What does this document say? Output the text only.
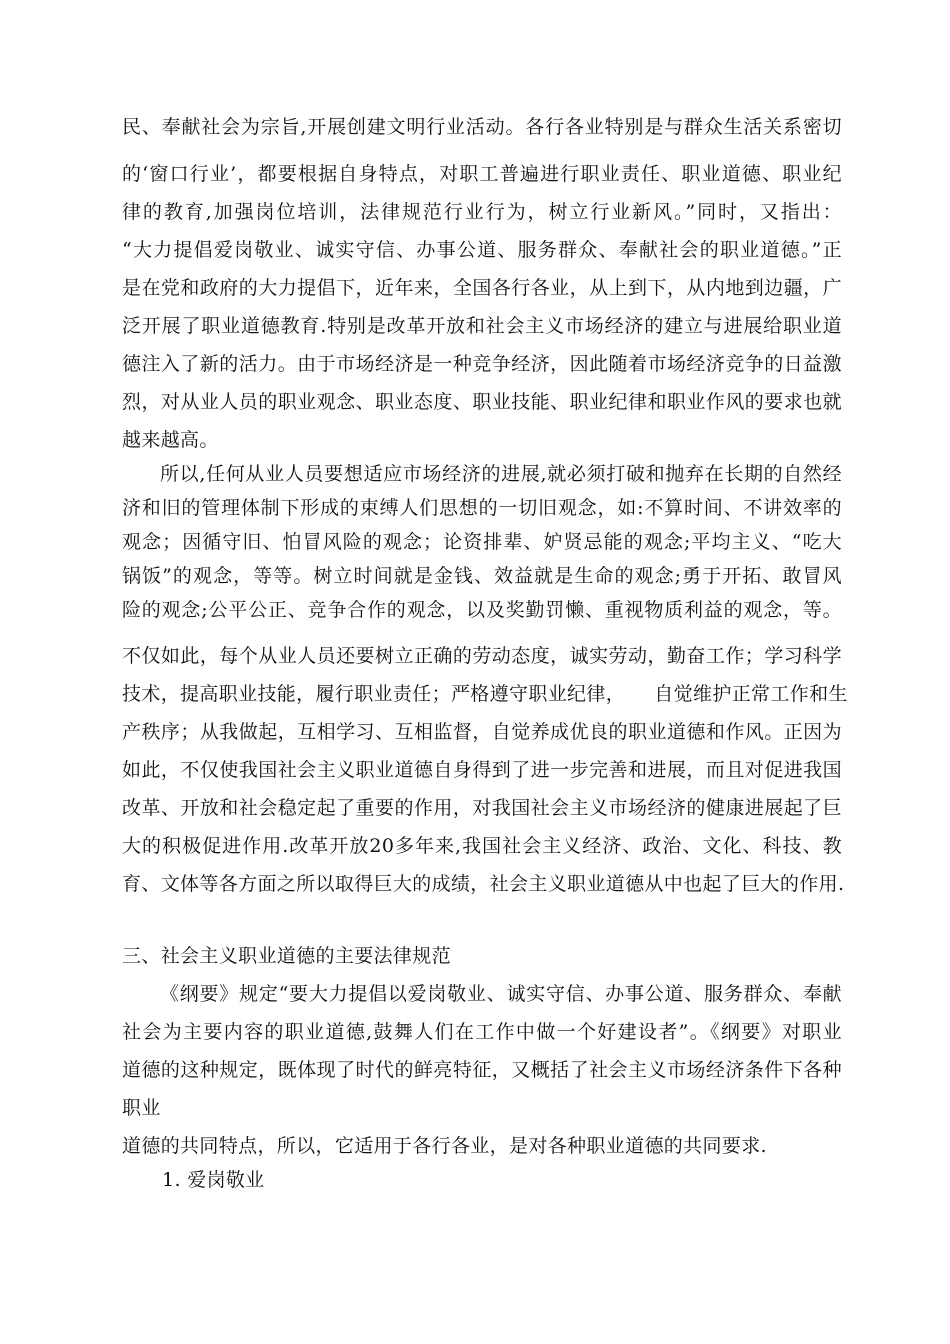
民、奉献社会为宗旨,开展创建文明行业活动。各行各业特别是与群众生活关系密切
的‘窗口行业’，都要根据自身特点，对职工普遍进行职业责任、职业道德、职业纪
律的教育,加强岗位培训，法律规范行业行为，树立行业新风。”同时，又指出：
“大力提倡爱岗敬业、诚实守信、办事公道、服务群众、奉献社会的职业道德。”正
是在党和政府的大力提倡下，近年来，全国各行各业，从上到下，从内地到边疆，广
泛开展了职业道德教育.特别是改革开放和社会主义市场经济的建立与进展给职业道
德注入了新的活力。由于市场经济是一种竞争经济，因此随着市场经济竞争的日益激
烈，对从业人员的职业观念、职业态度、职业技能、职业纪律和职业作风的要求也就
越来越高。
所以,任何从业人员要想适应市场经济的进展,就必须打破和抛弃在长期的自然经
济和旧的管理体制下形成的束缚人们思想的一切旧观念，如:不算时间、不讲效率的
观念；因循守旧、怕冒风险的观念；论资排辈、妒贤忌能的观念;平均主义、“吃大
锅饭”的观念，等等。树立时间就是金钱、效益就是生命的观念;勇于开拓、敢冒风
险的观念;公平公正、竞争合作的观念，以及奖勤罚懒、重视物质利益的观念，等。
不仅如此，每个从业人员还要树立正确的劳动态度，诚实劳动，勤奋工作；学习科学
技术，提高职业技能，履行职业责任；严格遵守职业纪律，　　自觉维护正常工作和生
产秩序；从我做起，互相学习、互相监督，自觉养成优良的职业道德和作风。正因为
如此，不仅使我国社会主义职业道德自身得到了进一步完善和进展，而且对促进我国
改革、开放和社会稳定起了重要的作用，对我国社会主义市场经济的健康进展起了巨
大的积极促进作用.改革开放20多年来,我国社会主义经济、政治、文化、科技、教
育、文体等各方面之所以取得巨大的成绩，社会主义职业道德从中也起了巨大的作用.
三、社会主义职业道德的主要法律规范
《纲要》规定“要大力提倡以爱岗敬业、诚实守信、办事公道、服务群众、奉献
社会为主要内容的职业道德,鼓舞人们在工作中做一个好建设者”。《纲要》对职业
道德的这种规定，既体现了时代的鲜亮特征，又概括了社会主义市场经济条件下各种
职业
道德的共同特点，所以，它适用于各行各业，是对各种职业道德的共同要求.
1. 爱岗敬业
